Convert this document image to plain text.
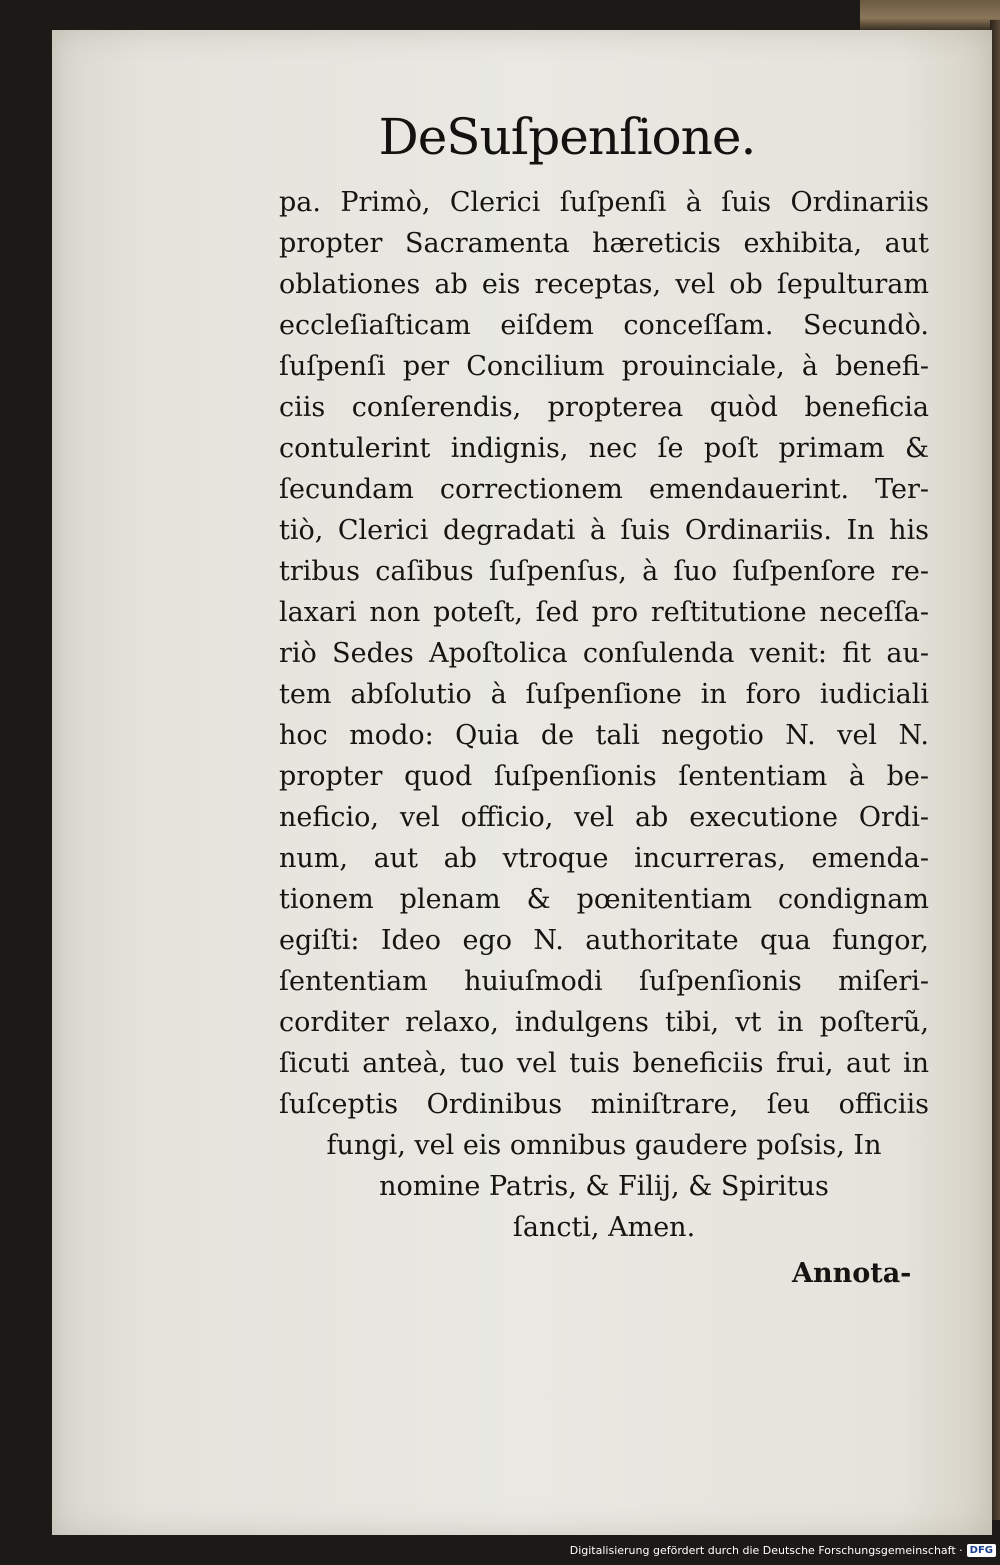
DeSuſpenſione.
pa. Primò, Clerici ſuſpenſi à ſuis Ordinariis
propter Sacramenta hæreticis exhibita, aut
oblationes ab eis receptas, vel ob ſepulturam
eccleſiaſticam eiſdem conceſſam. Secundò.
ſuſpenſi per Concilium prouinciale, à benefi-
ciis conſerendis, propterea quòd beneficia
contulerint indignis, nec ſe poſt primam &
ſecundam correctionem emendauerint. Ter-
tiò, Clerici degradati à ſuis Ordinariis. In his
tribus caſibus ſuſpenſus, à ſuo ſuſpenſore re-
laxari non poteſt, ſed pro reſtitutione neceſſa-
riò Sedes Apoſtolica conſulenda venit: fit au-
tem abſolutio à ſuſpenſione in foro iudiciali
hoc modo: Quia de tali negotio N. vel N.
propter quod ſuſpenſionis ſententiam à be-
neficio, vel officio, vel ab executione Ordi-
num, aut ab vtroque incurreras, emenda-
tionem plenam & pœnitentiam condignam
egiſti: Ideo ego N. authoritate qua fungor,
ſententiam huiuſmodi ſuſpenſionis miſeri-
corditer relaxo, indulgens tibi, vt in poſterũ,
ſicuti anteà, tuo vel tuis beneficiis frui, aut in
ſuſceptis Ordinibus miniſtrare, ſeu officiis
fungi, vel eis omnibus gaudere poſsis, In
nomine Patris, & Filij, & Spiritus
ſancti, Amen.
Annota-
Digitalisierung gefördert durch die Deutsche Forschungsgemeinschaft · DFG
